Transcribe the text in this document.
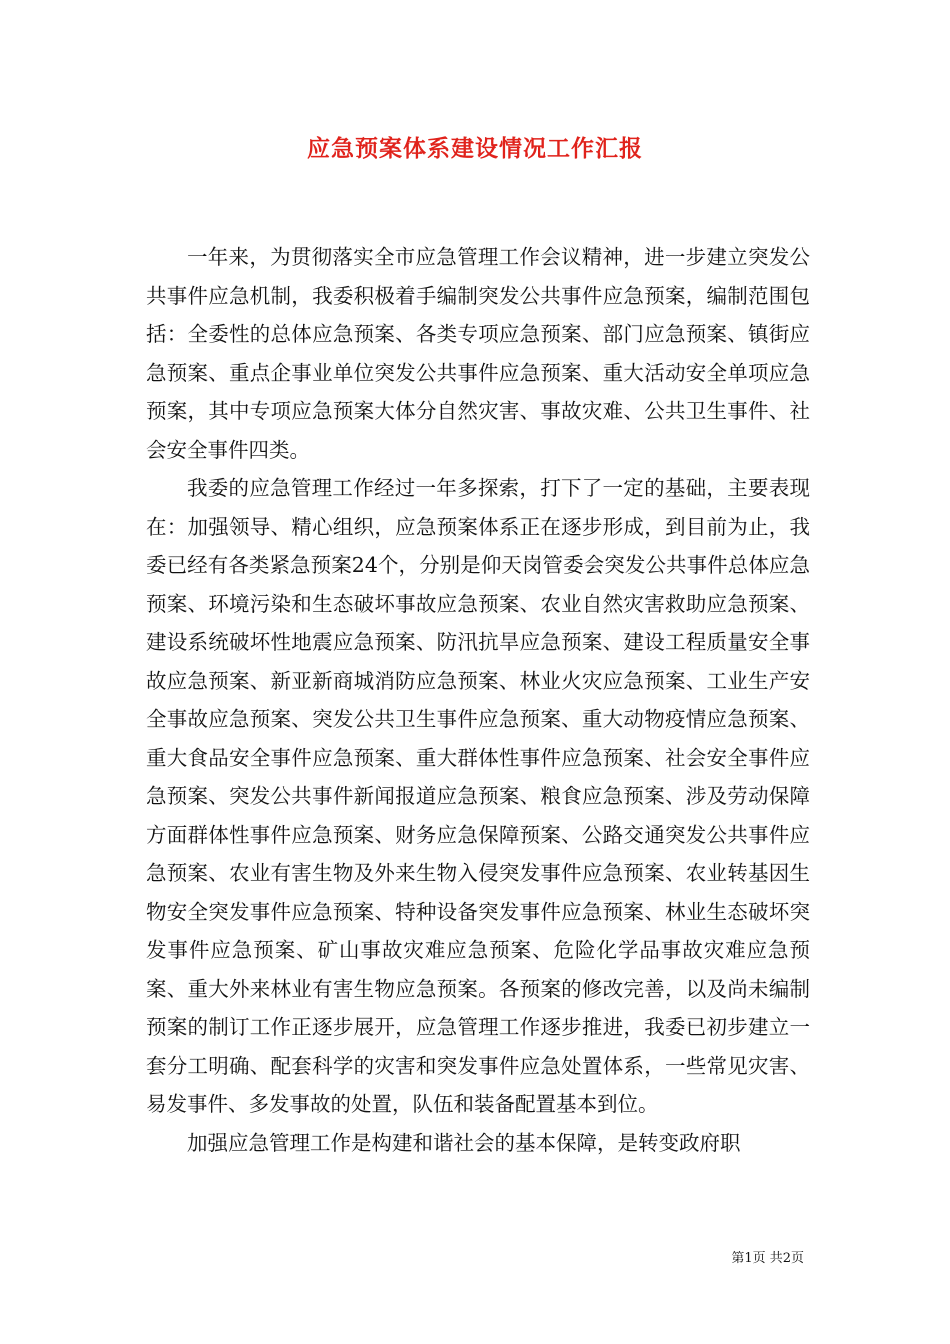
应急预案体系建设情况工作汇报

一年来，为贯彻落实全市应急管理工作会议精神，进一步建立突发公共事件应急机制，我委积极着手编制突发公共事件应急预案，编制范围包括：全委性的总体应急预案、各类专项应急预案、部门应急预案、镇街应急预案、重点企事业单位突发公共事件应急预案、重大活动安全单项应急预案，其中专项应急预案大体分自然灾害、事故灾难、公共卫生事件、社会安全事件四类。

我委的应急管理工作经过一年多探索，打下了一定的基础，主要表现在：加强领导、精心组织，应急预案体系正在逐步形成，到目前为止，我委已经有各类紧急预案24个，分别是仰天岗管委会突发公共事件总体应急预案、环境污染和生态破坏事故应急预案、农业自然灾害救助应急预案、建设系统破坏性地震应急预案、防汛抗旱应急预案、建设工程质量安全事故应急预案、新亚新商城消防应急预案、林业火灾应急预案、工业生产安全事故应急预案、突发公共卫生事件应急预案、重大动物疫情应急预案、重大食品安全事件应急预案、重大群体性事件应急预案、社会安全事件应急预案、突发公共事件新闻报道应急预案、粮食应急预案、涉及劳动保障方面群体性事件应急预案、财务应急保障预案、公路交通突发公共事件应急预案、农业有害生物及外来生物入侵突发事件应急预案、农业转基因生物安全突发事件应急预案、特种设备突发事件应急预案、林业生态破坏突发事件应急预案、矿山事故灾难应急预案、危险化学品事故灾难应急预案、重大外来林业有害生物应急预案。各预案的修改完善，以及尚未编制预案的制订工作正逐步展开，应急管理工作逐步推进，我委已初步建立一套分工明确、配套科学的灾害和突发事件应急处置体系，一些常见灾害、易发事件、多发事故的处置，队伍和装备配置基本到位。

加强应急管理工作是构建和谐社会的基本保障，是转变政府职

第1页 共2页
